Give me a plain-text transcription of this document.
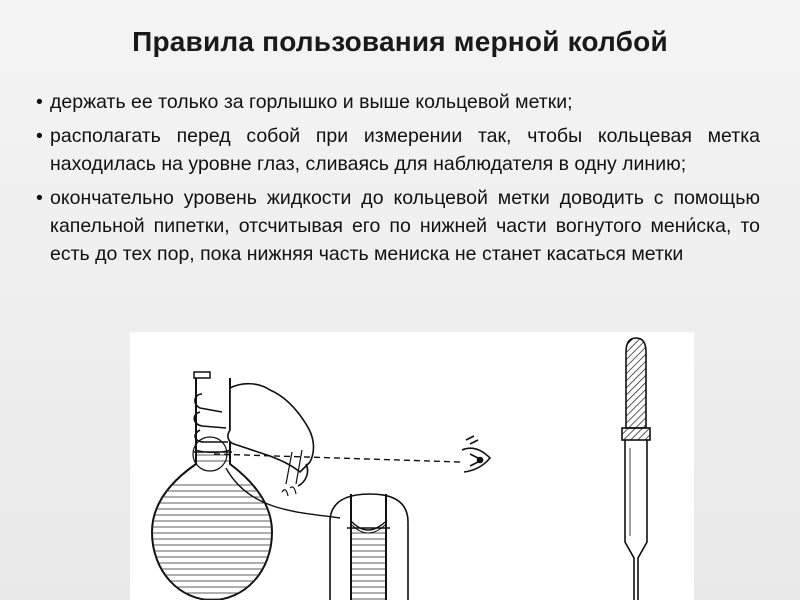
Правила пользования мерной колбой
• держать ее только за горлышко и выше кольцевой метки;
• располагать перед собой при измерении так, чтобы кольцевая метка находилась на уровне глаз, сливаясь для наблюдателя в одну линию;
• окончательно уровень жидкости до кольцевой метки доводить с помощью капельной пипетки, отсчитывая его по нижней части вогнутого мени́ска, то есть до тех пор, пока нижняя часть мениска не станет касаться метки
